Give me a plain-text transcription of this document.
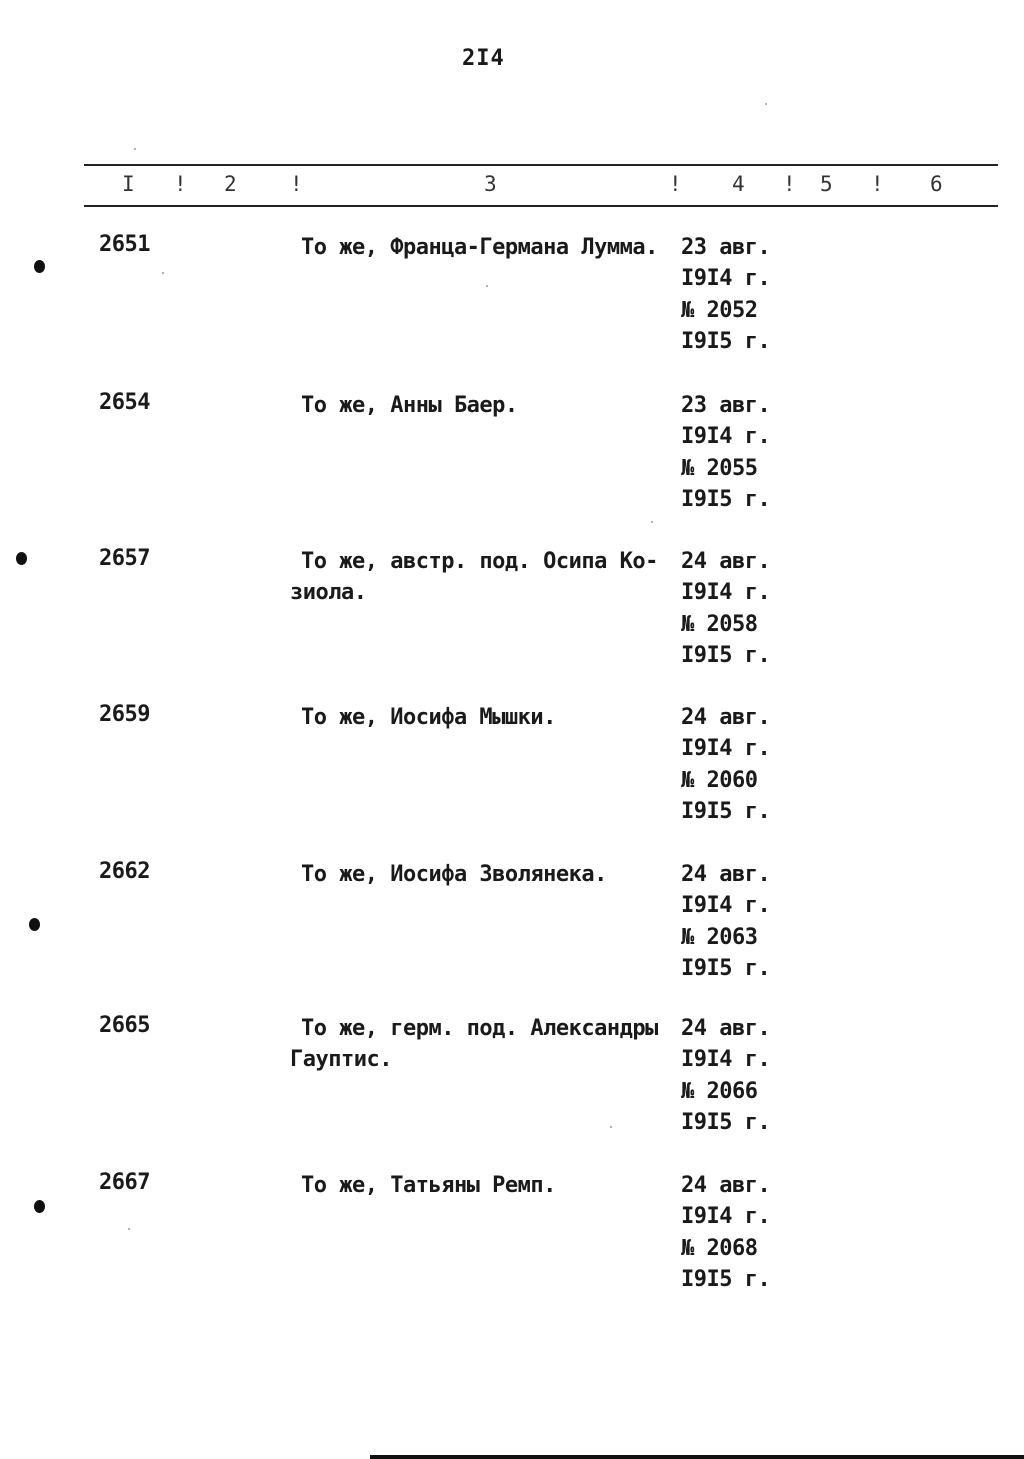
2I4
I ! 2	!	3	! 4 ! 5 ! 6
2651	То же, Франца-Германа Лумма.	23 авг.
I9I4 г.
№ 2052
I9I5 г.
2654	То же, Анны Баер.	23 авг.
I9I4 г.
№ 2055
I9I5 г.
2657	То же, австр. под. Осипа Ко-зиола.
24 авг.
I9I4 г.
№ 2058
I9I5 г.
2659	То же, Иосифа Мышки.	24 авг.
I9I4 г.
№ 2060
I9I5 г.
2662	То же, Иосифа Зволянека.	24 авг.
I9I4 г.
№ 2063
I9I5 г.
2665	То же, герм. под. Александры Гауптис.
24 авг.
I9I4 г.
№ 2066
I9I5 г.
2667	То же, Татьяны Ремп.	24 авг.
I9I4 г.
№ 2068
I9I5 г.
